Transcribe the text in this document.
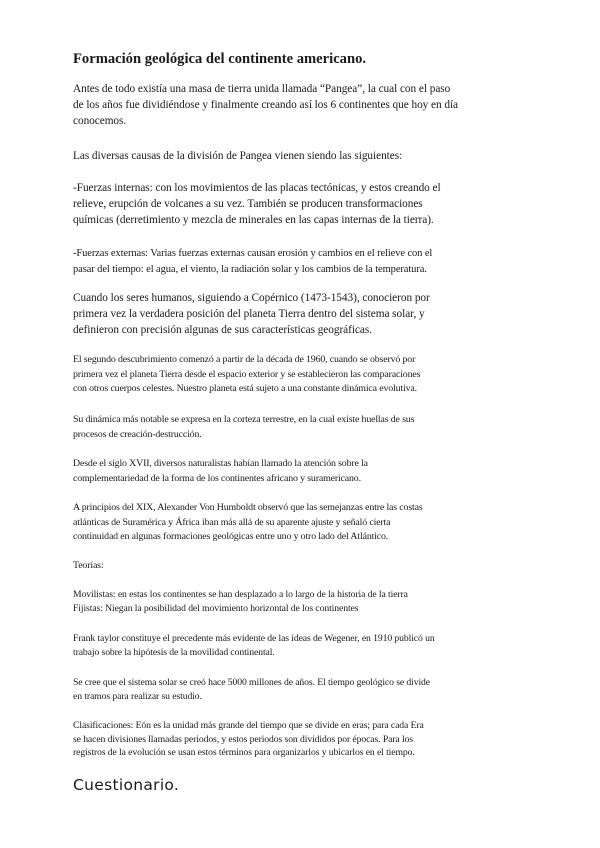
Formación geológica del continente americano.

Antes de todo existía una masa de tierra unida llamada “Pangea”, la cual con el paso
de los años fue dividiéndose y finalmente creando así los 6 continentes que hoy en día
conocemos.

Las diversas causas de la división de Pangea vienen siendo las siguientes:

-Fuerzas internas: con los movimientos de las placas tectónicas, y estos creando el
relieve, erupción de volcanes a su vez. También se producen transformaciones
químicas (derretimiento y mezcla de minerales en las capas internas de la tierra).

-Fuerzas externas: Varias fuerzas externas causan erosión y cambios en el relieve con el
pasar del tiempo: el agua, el viento, la radiación solar y los cambios de la temperatura.

Cuando los seres humanos, siguiendo a Copérnico (1473-1543), conocieron por
primera vez la verdadera posición del planeta Tierra dentro del sistema solar, y
definieron con precisión algunas de sus características geográficas.

El segundo descubrimiento comenzó a partir de la década de 1960, cuando se observó por
primera vez el planeta Tierra desde el espacio exterior y se establecieron las comparaciones
con otros cuerpos celestes. Nuestro planeta está sujeto a una constante dinámica evolutiva.

Su dinámica más notable se expresa en la corteza terrestre, en la cual existe huellas de sus
procesos de creación-destrucción.

Desde el siglo XVII, diversos naturalistas habían llamado la atención sobre la
complementariedad de la forma de los continentes africano y suramericano.

A principios del XIX, Alexander Von Humboldt observó que las semejanzas entre las costas
atlánticas de Suramérica y África iban más allá de su aparente ajuste y señaló cierta
continuidad en algunas formaciones geológicas entre uno y otro lado del Atlántico.

Teorías:

Movilistas: en estas los continentes se han desplazado a lo largo de la historia de la tierra
Fijistas: Niegan la posibilidad del movimiento horizontal de los continentes

Frank taylor constituye el precedente más evidente de las ideas de Wegener, en 1910 publicó un
trabajo sobre la hipótesis de la movilidad continental.

Se cree que el sistema solar se creó hace 5000 millones de años. El tiempo geológico se divide
en tramos para realizar su estudio.

Clasificaciones: Eón es la unidad más grande del tiempo que se divide en eras; para cada Era
se hacen divisiones llamadas periodos, y estos periodos son divididos por épocas. Para los
registros de la evolución se usan estos términos para organizarlos y ubicarlos en el tiempo.

Cuestionario.
